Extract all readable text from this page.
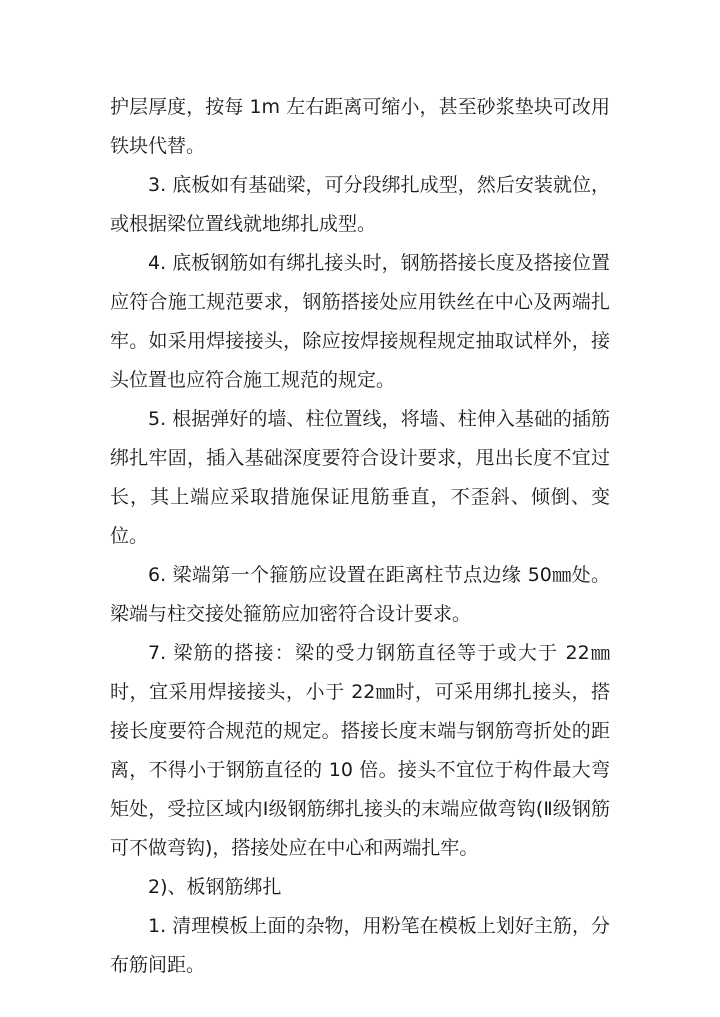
护层厚度，按每 1m 左右距离可缩小，甚至砂浆垫块可改用铁块代替。

3. 底板如有基础梁，可分段绑扎成型，然后安装就位，或根据梁位置线就地绑扎成型。

4. 底板钢筋如有绑扎接头时，钢筋搭接长度及搭接位置应符合施工规范要求，钢筋搭接处应用铁丝在中心及两端扎牢。如采用焊接接头，除应按焊接规程规定抽取试样外，接头位置也应符合施工规范的规定。

5. 根据弹好的墙、柱位置线，将墙、柱伸入基础的插筋绑扎牢固，插入基础深度要符合设计要求，甩出长度不宜过长，其上端应采取措施保证甩筋垂直，不歪斜、倾倒、变位。

6. 梁端第一个箍筋应设置在距离柱节点边缘 50㎜处。梁端与柱交接处箍筋应加密符合设计要求。

7. 梁筋的搭接：梁的受力钢筋直径等于或大于 22㎜时，宜采用焊接接头，小于 22㎜时，可采用绑扎接头，搭接长度要符合规范的规定。搭接长度末端与钢筋弯折处的距离，不得小于钢筋直径的 10 倍。接头不宜位于构件最大弯矩处，受拉区域内Ⅰ级钢筋绑扎接头的末端应做弯钩(Ⅱ级钢筋可不做弯钩)，搭接处应在中心和两端扎牢。

2)、板钢筋绑扎

1. 清理模板上面的杂物，用粉笔在模板上划好主筋，分布筋间距。
